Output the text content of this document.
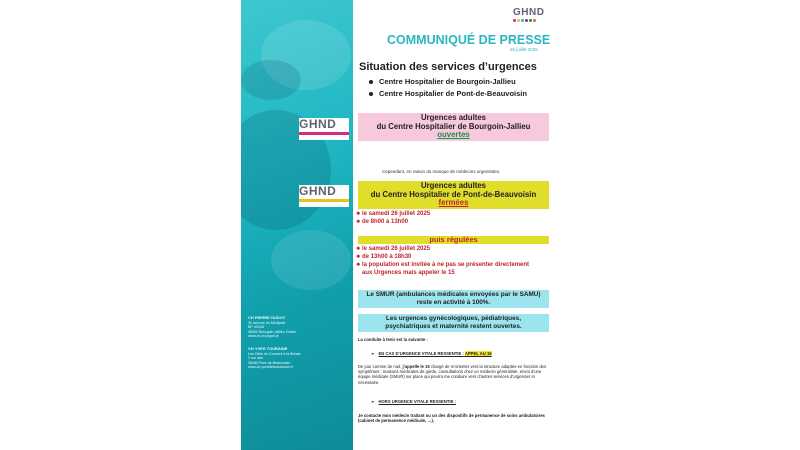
CH PIERRE OUDOT
30 avenue du Médipôle
BP 40348
38302 Bourgoin-Jallieu Cedex
www.ch-bourgoin.fr
CH YVES TOURAINE
Les Cités du Couvent à la Bréaie
2 rue des
38480 Pont-de-Beauvoisin
www.ch-pontdebeauvoisin.fr
GHND
COMMUNIQUÉ DE PRESSE
25 juillet 2025
Situation des services d’urgences
Centre Hospitalier de Bourgoin-Jallieu
Centre Hospitalier de Pont-de-Beauvoisin
GHND	Urgences adultes
du Centre Hospitalier de Bourgoin-Jallieu
ouvertes
Cependant, en raison du manque de médecins urgentistes,
GHND	Urgences adultes
du Centre Hospitalier de Pont-de-Beauvoisin
fermées
❖ le samedi 26 juillet 2025
❖ de 8h00 à 13h00
puis régulées
❖ le samedi 26 juillet 2025
❖ de 13h00 à 18h30
❖ la population est invitée à ne pas se présenter directement
aux Urgences mais appeler le 15
Le SMUR (ambulances médicales envoyées par le SAMU)
reste en activité à 100%.
Les urgences gynécologiques, pédiatriques,
psychiatriques et maternité restent ouvertes.
La conduite à tenir est la suivante :
➢ EN CAS D’URGENCE VITALE RESSENTIE : APPEL AU 15
De jour comme de nuit, j’appelle le 15 chargé de m’orienter vers la structure adaptée en fonction des symptômes : maisons médicales de garde, consultations chez un médecin généraliste, envoi d’une équipe médicale (SMUR) sur place qui pourra me conduire vers d’autres services d’urgences si nécessaire.
➢ HORS URGENCE VITALE RESSENTIE :
Je contacte mon médecin traitant ou un des dispositifs de permanence de soins ambulatoires (cabinet de permanence médicale, …).
